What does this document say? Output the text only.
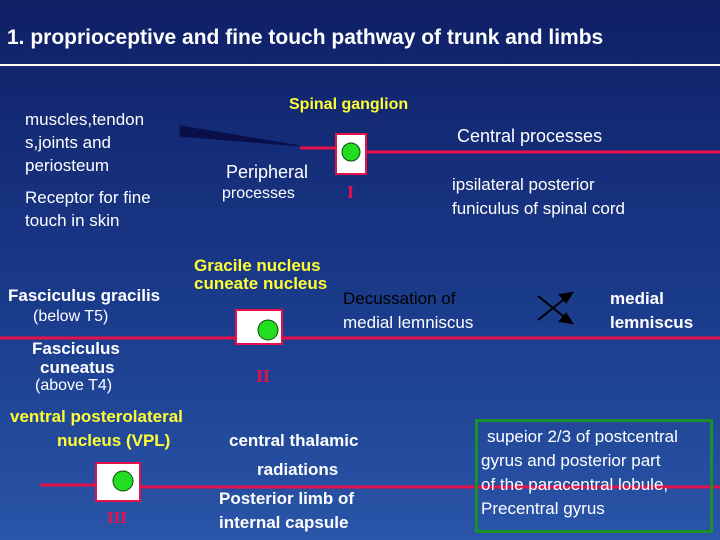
1. proprioceptive and fine touch pathway of trunk and limbs
muscles,tendon
s,joints and
periosteum
Receptor for fine
touch in skin
Spinal ganglion
Peripheral
processes
Central processes
I	ipsilateral posterior
funiculus of spinal cord
Gracile nucleus
cuneate nucleus
Fasciculus gracilis
(below T5)
Fasciculus
cuneatus
(above T4)
Decussation of
medial lemniscus
medial
lemniscus
II
ventral posterolateral
nucleus (VPL)	central thalamic
radiations
Posterior limb of
internal capsule
III
supeior 2/3 of postcentral
gyrus and posterior part
of the paracentral lobule,
Precentral gyrus
